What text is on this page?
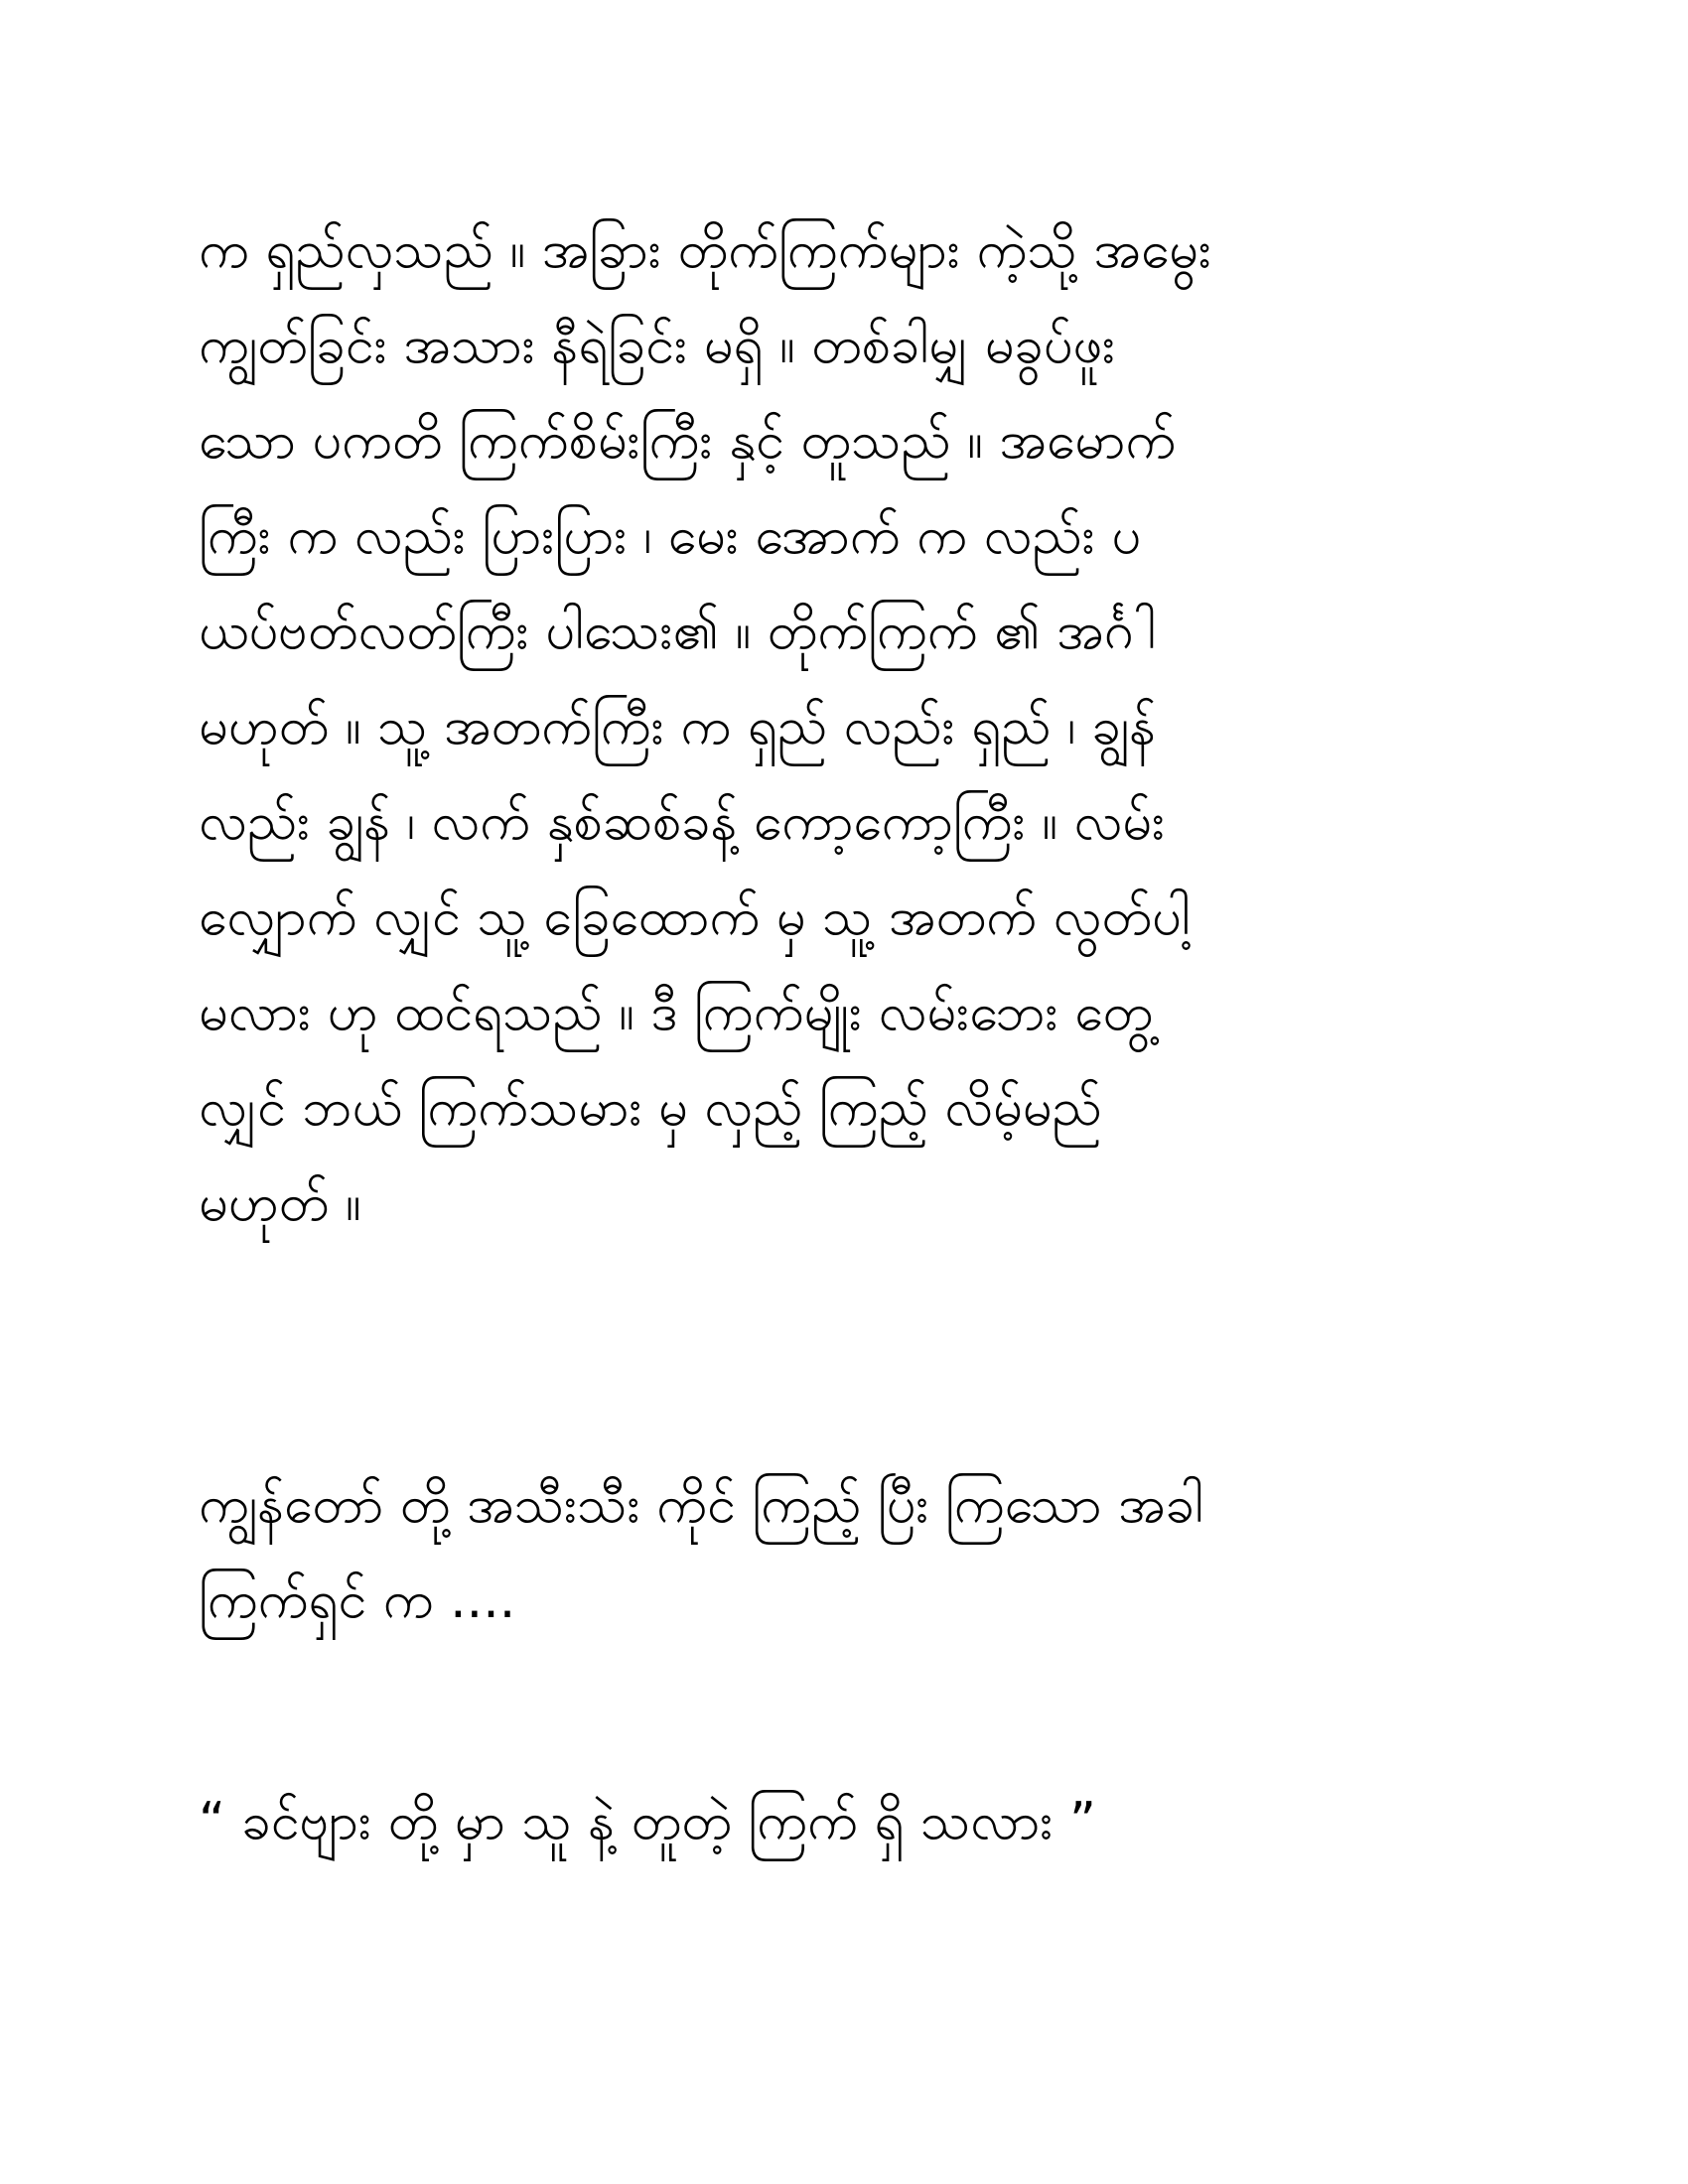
က ရှည်လှသည် ။ အခြား တိုက်ကြက်များ ကဲ့သို့ အမွေး
ကျွတ်ခြင်း အသား နီရဲခြင်း မရှိ ။ တစ်ခါမျှ မခွပ်ဖူး
သော ပကတိ ကြက်စိမ်းကြီး နှင့် တူသည် ။ အမောက်
ကြီး က လည်း ပြားပြား ၊ မေး အောက် က လည်း ပ
ယပ်ဗတ်လတ်ကြီး ပါသေး၏ ။ တိုက်ကြက် ၏ အင်္ဂါ
မဟုတ် ။ သူ့ အတက်ကြီး က ရှည် လည်း ရှည် ၊ ချွန်
လည်း ချွန် ၊ လက် နှစ်ဆစ်ခန့် ကော့ကော့ကြီး ။ လမ်း
လျှောက် လျှင် သူ့ ခြေထောက် မှ သူ့ အတက် လွတ်ပါ့
မလား ဟု ထင်ရသည် ။ ဒီ ကြက်မျိုး လမ်းဘေး တွေ့
လျှင် ဘယ် ကြက်သမား မှ လှည့် ကြည့် လိမ့်မည်
မဟုတ် ။
ကျွန်တော် တို့ အသီးသီး ကိုင် ကြည့် ပြီး ကြသော အခါ
ကြက်ရှင် က ....
“ ခင်ဗျား တို့ မှာ သူ နဲ့ တူတဲ့ ကြက် ရှိ သလား ”
